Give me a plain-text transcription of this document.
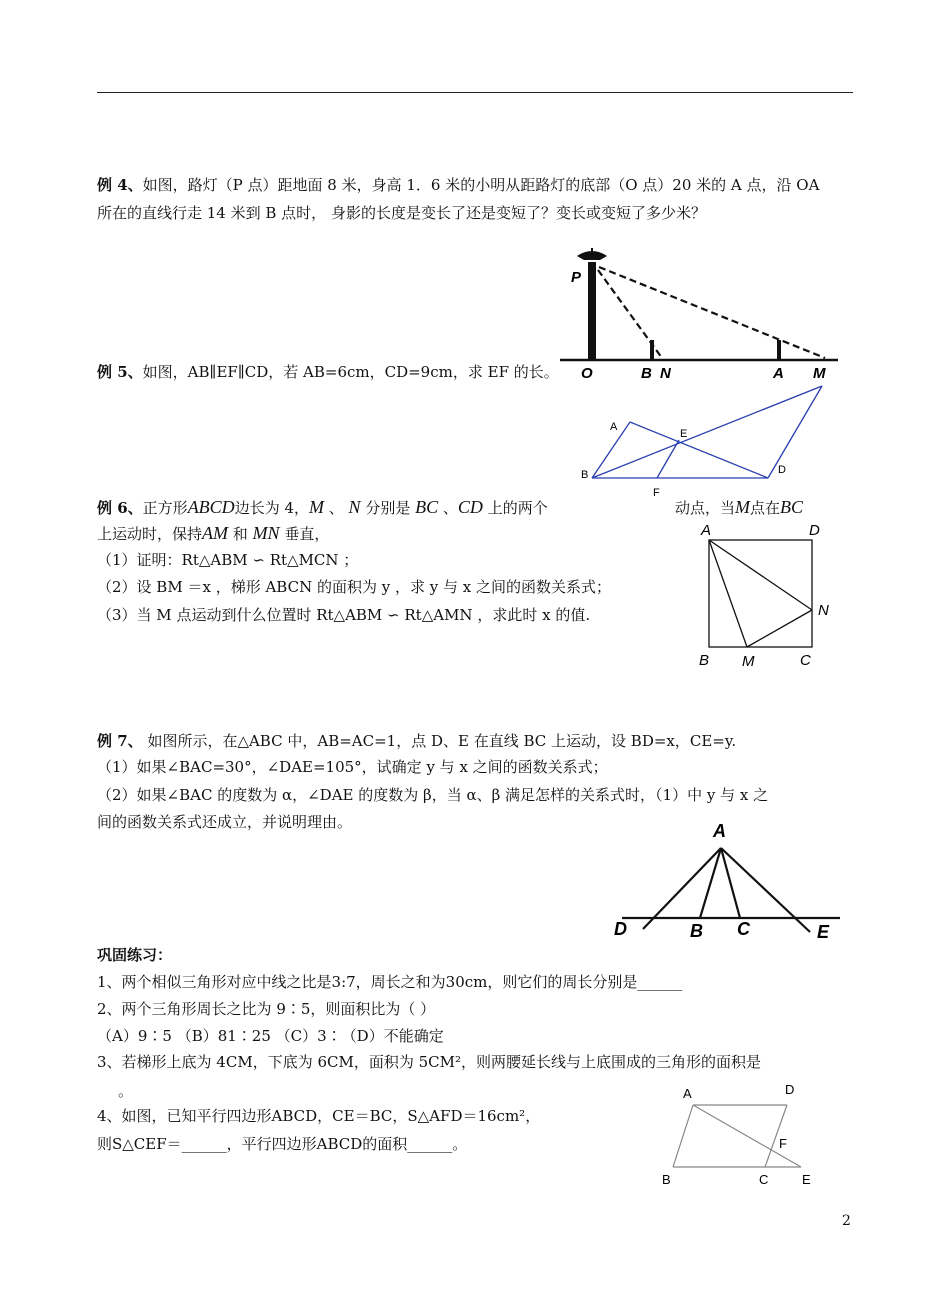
例 4、如图，路灯（P 点）距地面 8 米，身高 1．6 米的小明从距路灯的底部（O 点）20 米的 A 点，沿 OA
所在的直线行走 14 米到 B 点时， 身影的长度是变长了还是变短了？变长或变短了多少米？
P
O	B N	A M
例 5、如图，AB∥EF∥CD，若 AB=6cm，CD=9cm，求 EF 的长。
A
E
B	D
F
例 6、正方形ABCD边长为 4，M 、 N 分别是 BC 、CD 上的两个	动点，当M点在BC
上运动时，保持AM 和 MN 垂直，
（1）证明：Rt△ABM ∽ Rt△MCN ；
（2）设 BM ＝x ，梯形 ABCN 的面积为 y ，求 y 与 x 之间的函数关系式；
（3）当 M 点运动到什么位置时 Rt△ABM ∽ Rt△AMN ，求此时 x 的值.
A	D
N
B M	C
例 7、 如图所示，在△ABC 中，AB=AC=1，点 D、E 在直线 BC 上运动，设 BD=x，CE=y.
（1）如果∠BAC=30°，∠DAE=105°，试确定 y 与 x 之间的函数关系式；
（2）如果∠BAC 的度数为 α，∠DAE 的度数为 β，当 α、β 满足怎样的关系式时，（1）中 y 与 x 之
间的函数关系式还成立，并说明理由。	A
D	B C	E
巩固练习：
1、两个相似三角形对应中线之比是3:7，周长之和为30cm，则它们的周长分别是______
2、两个三角形周长之比为 9∶5，则面积比为（ ）
（A）9∶5 （B）81∶25 （C）3∶（D）不能确定
3、若梯形上底为 4CM，下底为 6CM，面积为 5CM²，则两腰延长线与上底围成的三角形的面积是
。
4、如图，已知平行四边形ABCD，CE＝BC，S△AFD＝16cm²，
则S△CEF＝______，平行四边形ABCD的面积______。
A	D
F
B	C	E
2
